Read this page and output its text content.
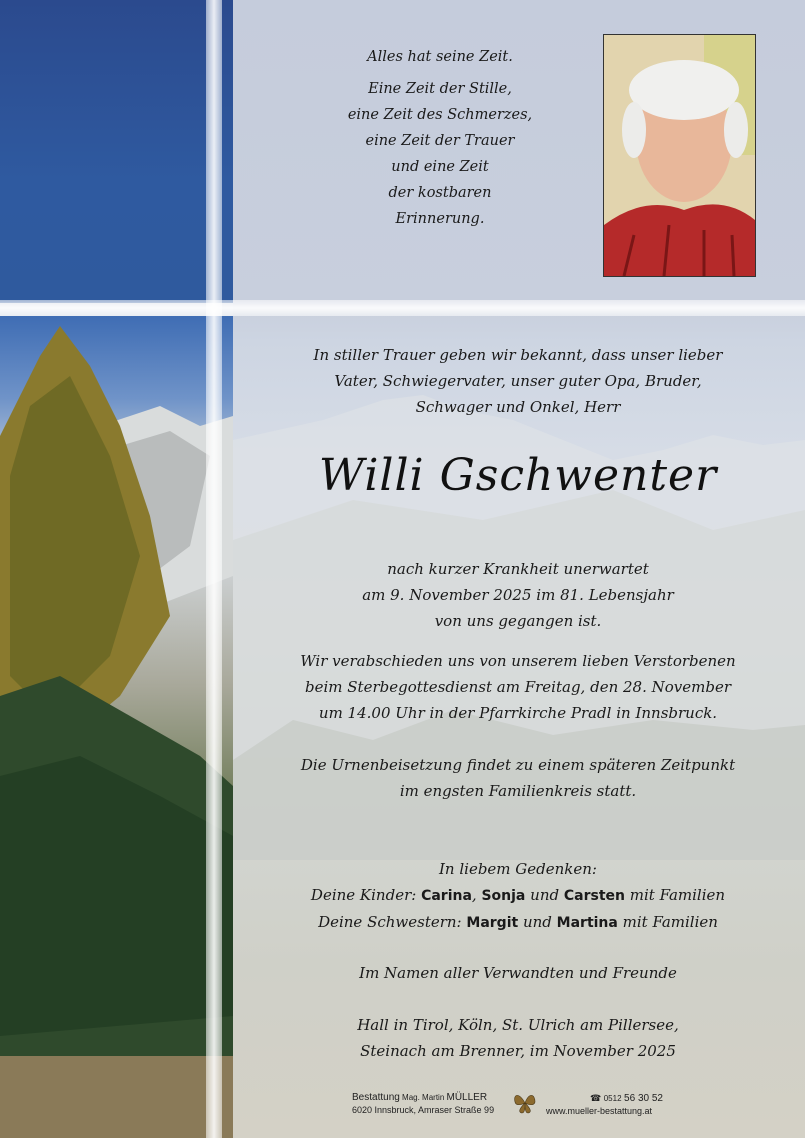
Alles hat seine Zeit.

Eine Zeit der Stille,

eine Zeit des Schmerzes,

eine Zeit der Trauer

und eine Zeit

der kostbaren

Erinnerung.

In stiller Trauer geben wir bekannt, dass unser lieber

Vater, Schwiegervater, unser guter Opa, Bruder,

Schwager und Onkel, Herr

Willi Gschwenter

nach kurzer Krankheit unerwartet

am 9. November 2025 im 81. Lebensjahr

von uns gegangen ist.

Wir verabschieden uns von unserem lieben Verstorbenen

beim Sterbegottesdienst am Freitag, den 28. November

um 14.00 Uhr in der Pfarrkirche Pradl in Innsbruck.

Die Urnenbeisetzung findet zu einem späteren Zeitpunkt

im engsten Familienkreis statt.

In liebem Gedenken:

Deine Kinder: Carina, Sonja und Carsten mit Familien

Deine Schwestern: Margit und Martina mit Familien

Im Namen aller Verwandten und Freunde

Hall in Tirol, Köln, St. Ulrich am Pillersee,

Steinach am Brenner, im November 2025

Bestattung Mag. Martin MÜLLER
6020 Innsbruck, Amraser Straße 99
☎ 0512 56 30 52
www.mueller-bestattung.at
